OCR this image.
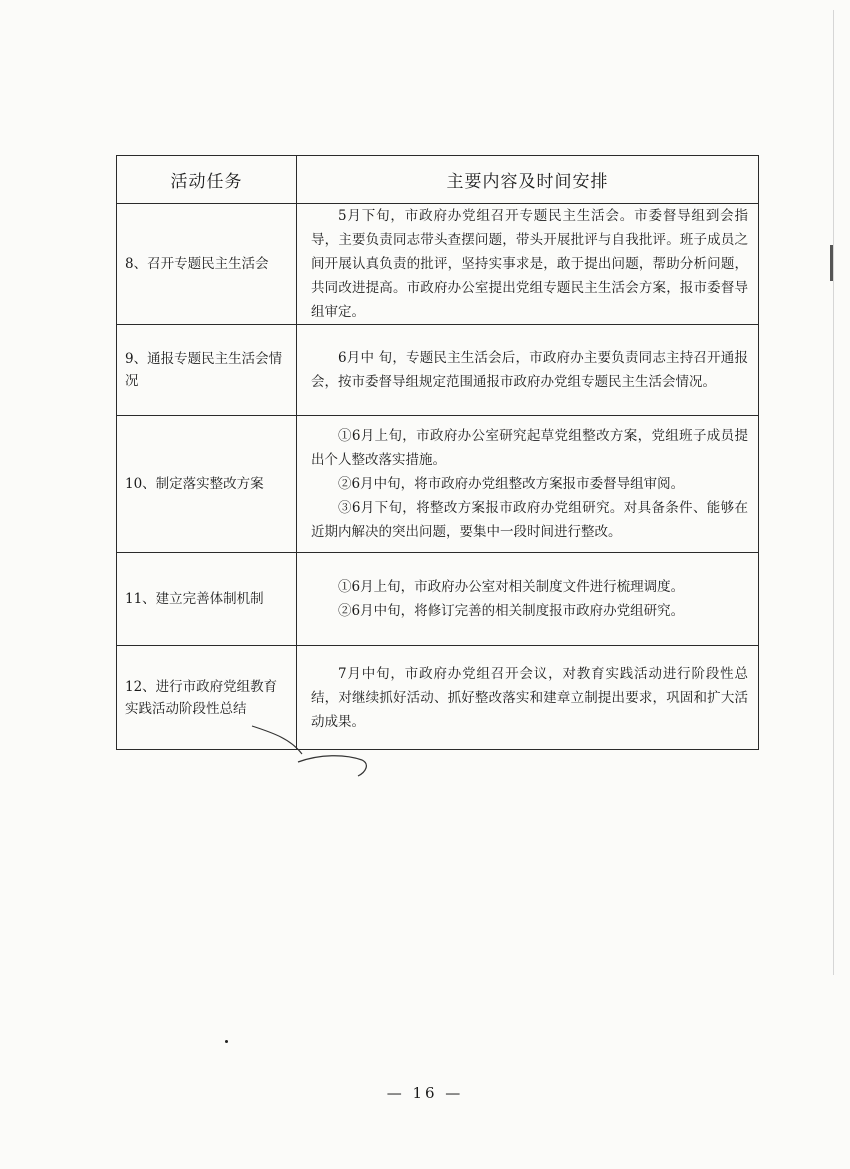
活动任务	主要内容及时间安排
8、召开专题民主生活会	5月下旬，市政府办党组召开专题民主生活会。市委督导组到会指导，主要负责同志带头查摆问题，带头开展批评与自我批评。班子成员之间开展认真负责的批评，坚持实事求是，敢于提出问题，帮助分析问题，共同改进提高。市政府办公室提出党组专题民主生活会方案，报市委督导组审定。

9、通报专题民主生活会情况	6月中 旬，专题民主生活会后，市政府办主要负责同志主持召开通报会，按市委督导组规定范围通报市政府办党组专题民主生活会情况。

10、制定落实整改方案	①6月上旬，市政府办公室研究起草党组整改方案，党组班子成员提出个人整改落实措施。

②6月中旬，将市政府办党组整改方案报市委督导组审阅。

③6月下旬，将整改方案报市政府办党组研究。对具备条件、能够在近期内解决的突出问题，要集中一段时间进行整改。

11、建立完善体制机制	①6月上旬，市政府办公室对相关制度文件进行梳理调度。

②6月中旬，将修订完善的相关制度报市政府办党组研究。

12、进行市政府党组教育实践活动阶段性总结	7月中旬，市政府办党组召开会议，对教育实践活动进行阶段性总结，对继续抓好活动、抓好整改落实和建章立制提出要求，巩固和扩大活动成果。

— 16 —
